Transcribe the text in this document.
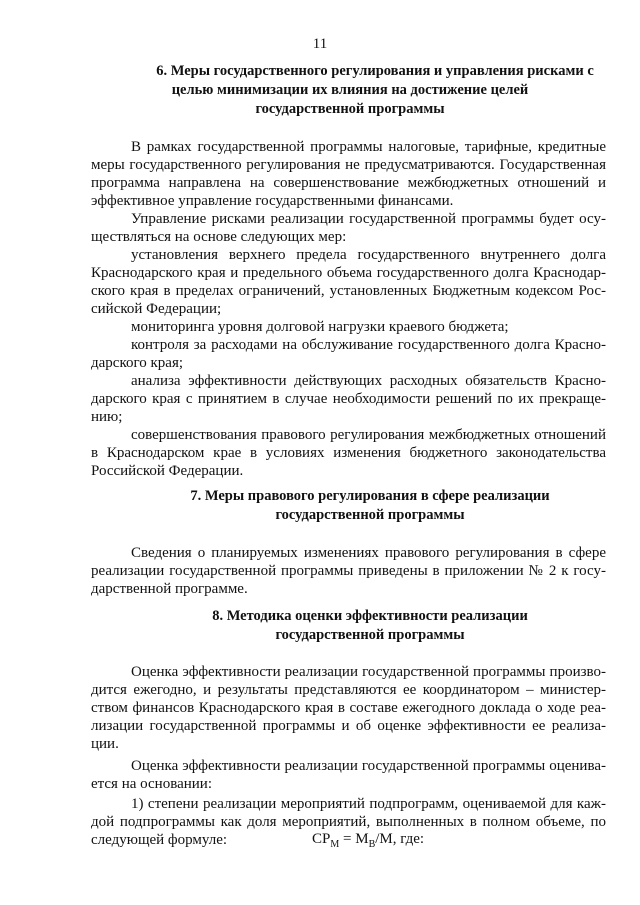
11
6. Меры государственного регулирования и управления рисками с
целью минимизации их влияния на достижение целей
государственной программы
В рамках государственной программы налоговые, тарифные, кредитные
меры государственного регулирования не предусматриваются. Государственная
программа направлена на совершенствование межбюджетных отношений и
эффективное управление государственными финансами.
Управление рисками реализации государственной программы будет осу-
ществляться на основе следующих мер:
установления верхнего предела государственного внутреннего долга
Краснодарского края и предельного объема государственного долга Краснодар-
ского края в пределах ограничений, установленных Бюджетным кодексом Рос-
сийской Федерации;
мониторинга уровня долговой нагрузки краевого бюджета;
контроля за расходами на обслуживание государственного долга Красно-
дарского края;
анализа эффективности действующих расходных обязательств Красно-
дарского края с принятием в случае необходимости решений по их прекраще-
нию;
совершенствования правового регулирования межбюджетных отношений
в Краснодарском крае в условиях изменения бюджетного законодательства
Российской Федерации.
7. Меры правового регулирования в сфере реализации
государственной программы
Сведения о планируемых изменениях правового регулирования в сфере
реализации государственной программы приведены в приложении № 2 к госу-
дарственной программе.
8. Методика оценки эффективности реализации
государственной программы
Оценка эффективности реализации государственной программы произво-
дится ежегодно, и результаты представляются ее координатором – министер-
ством финансов Краснодарского края в составе ежегодного доклада о ходе реа-
лизации государственной программы и об оценке эффективности ее реализа-
ции.
Оценка эффективности реализации государственной программы оценива-
ется на основании:
1) степени реализации мероприятий подпрограмм, оцениваемой для каж-
дой подпрограммы как доля мероприятий, выполненных в полном объеме, по
следующей формуле:	$СР_М = М_В/М$, где:
